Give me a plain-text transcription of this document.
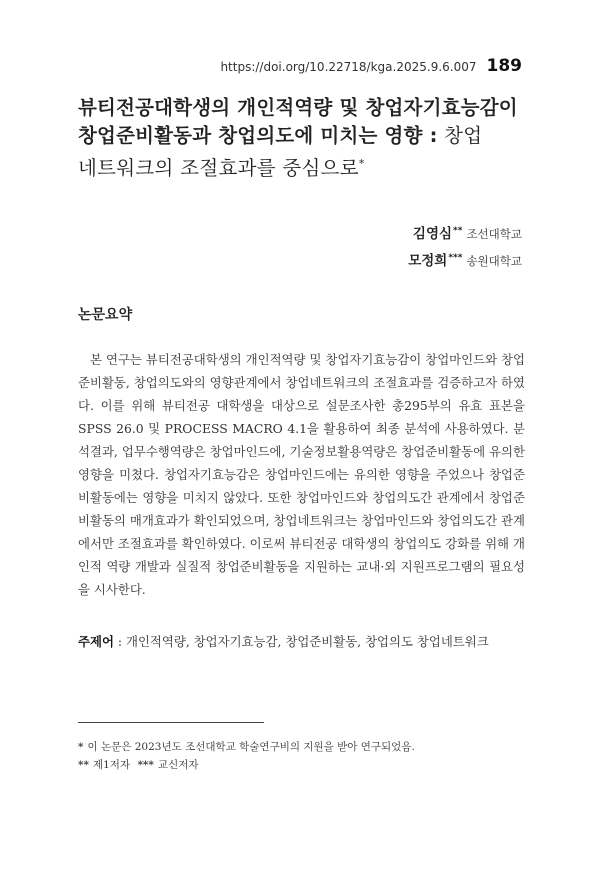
https://doi.org/10.22718/kga.2025.9.6.007 189
뷰티전공대학생의 개인적역량 및 창업자기효능감이
창업준비활동과 창업의도에 미치는 영향 : 창업
네트워크의 조절효과를 중심으로*
김영심** 조선대학교
모정희*** 송원대학교
논문요약
본 연구는 뷰티전공대학생의 개인적역량 및 창업자기효능감이 창업마인드와 창업준비활동, 창업의도와의 영향관계에서 창업네트워크의 조절효과를 검증하고자 하였다. 이를 위해 뷰티전공 대학생을 대상으로 설문조사한 총295부의 유효 표본을 SPSS 26.0 및 PROCESS MACRO 4.1을 활용하여 최종 분석에 사용하였다. 분석결과, 업무수행역량은 창업마인드에, 기술정보활용역량은 창업준비활동에 유의한 영향을 미쳤다. 창업자기효능감은 창업마인드에는 유의한 영향을 주었으나 창업준비활동에는 영향을 미치지 않았다. 또한 창업마인드와 창업의도간 관계에서 창업준비활동의 매개효과가 확인되었으며, 창업네트워크는 창업마인드와 창업의도간 관계에서만 조절효과를 확인하였다. 이로써 뷰티전공 대학생의 창업의도 강화를 위해 개인적 역량 개발과 실질적 창업준비활동을 지원하는 교내·외 지원프로그램의 필요성을 시사한다.
주제어 : 개인적역량, 창업자기효능감, 창업준비활동, 창업의도 창업네트워크
* 이 논문은 2023년도 조선대학교 학술연구비의 지원을 받아 연구되었음.
** 제1저자 *** 교신저자
